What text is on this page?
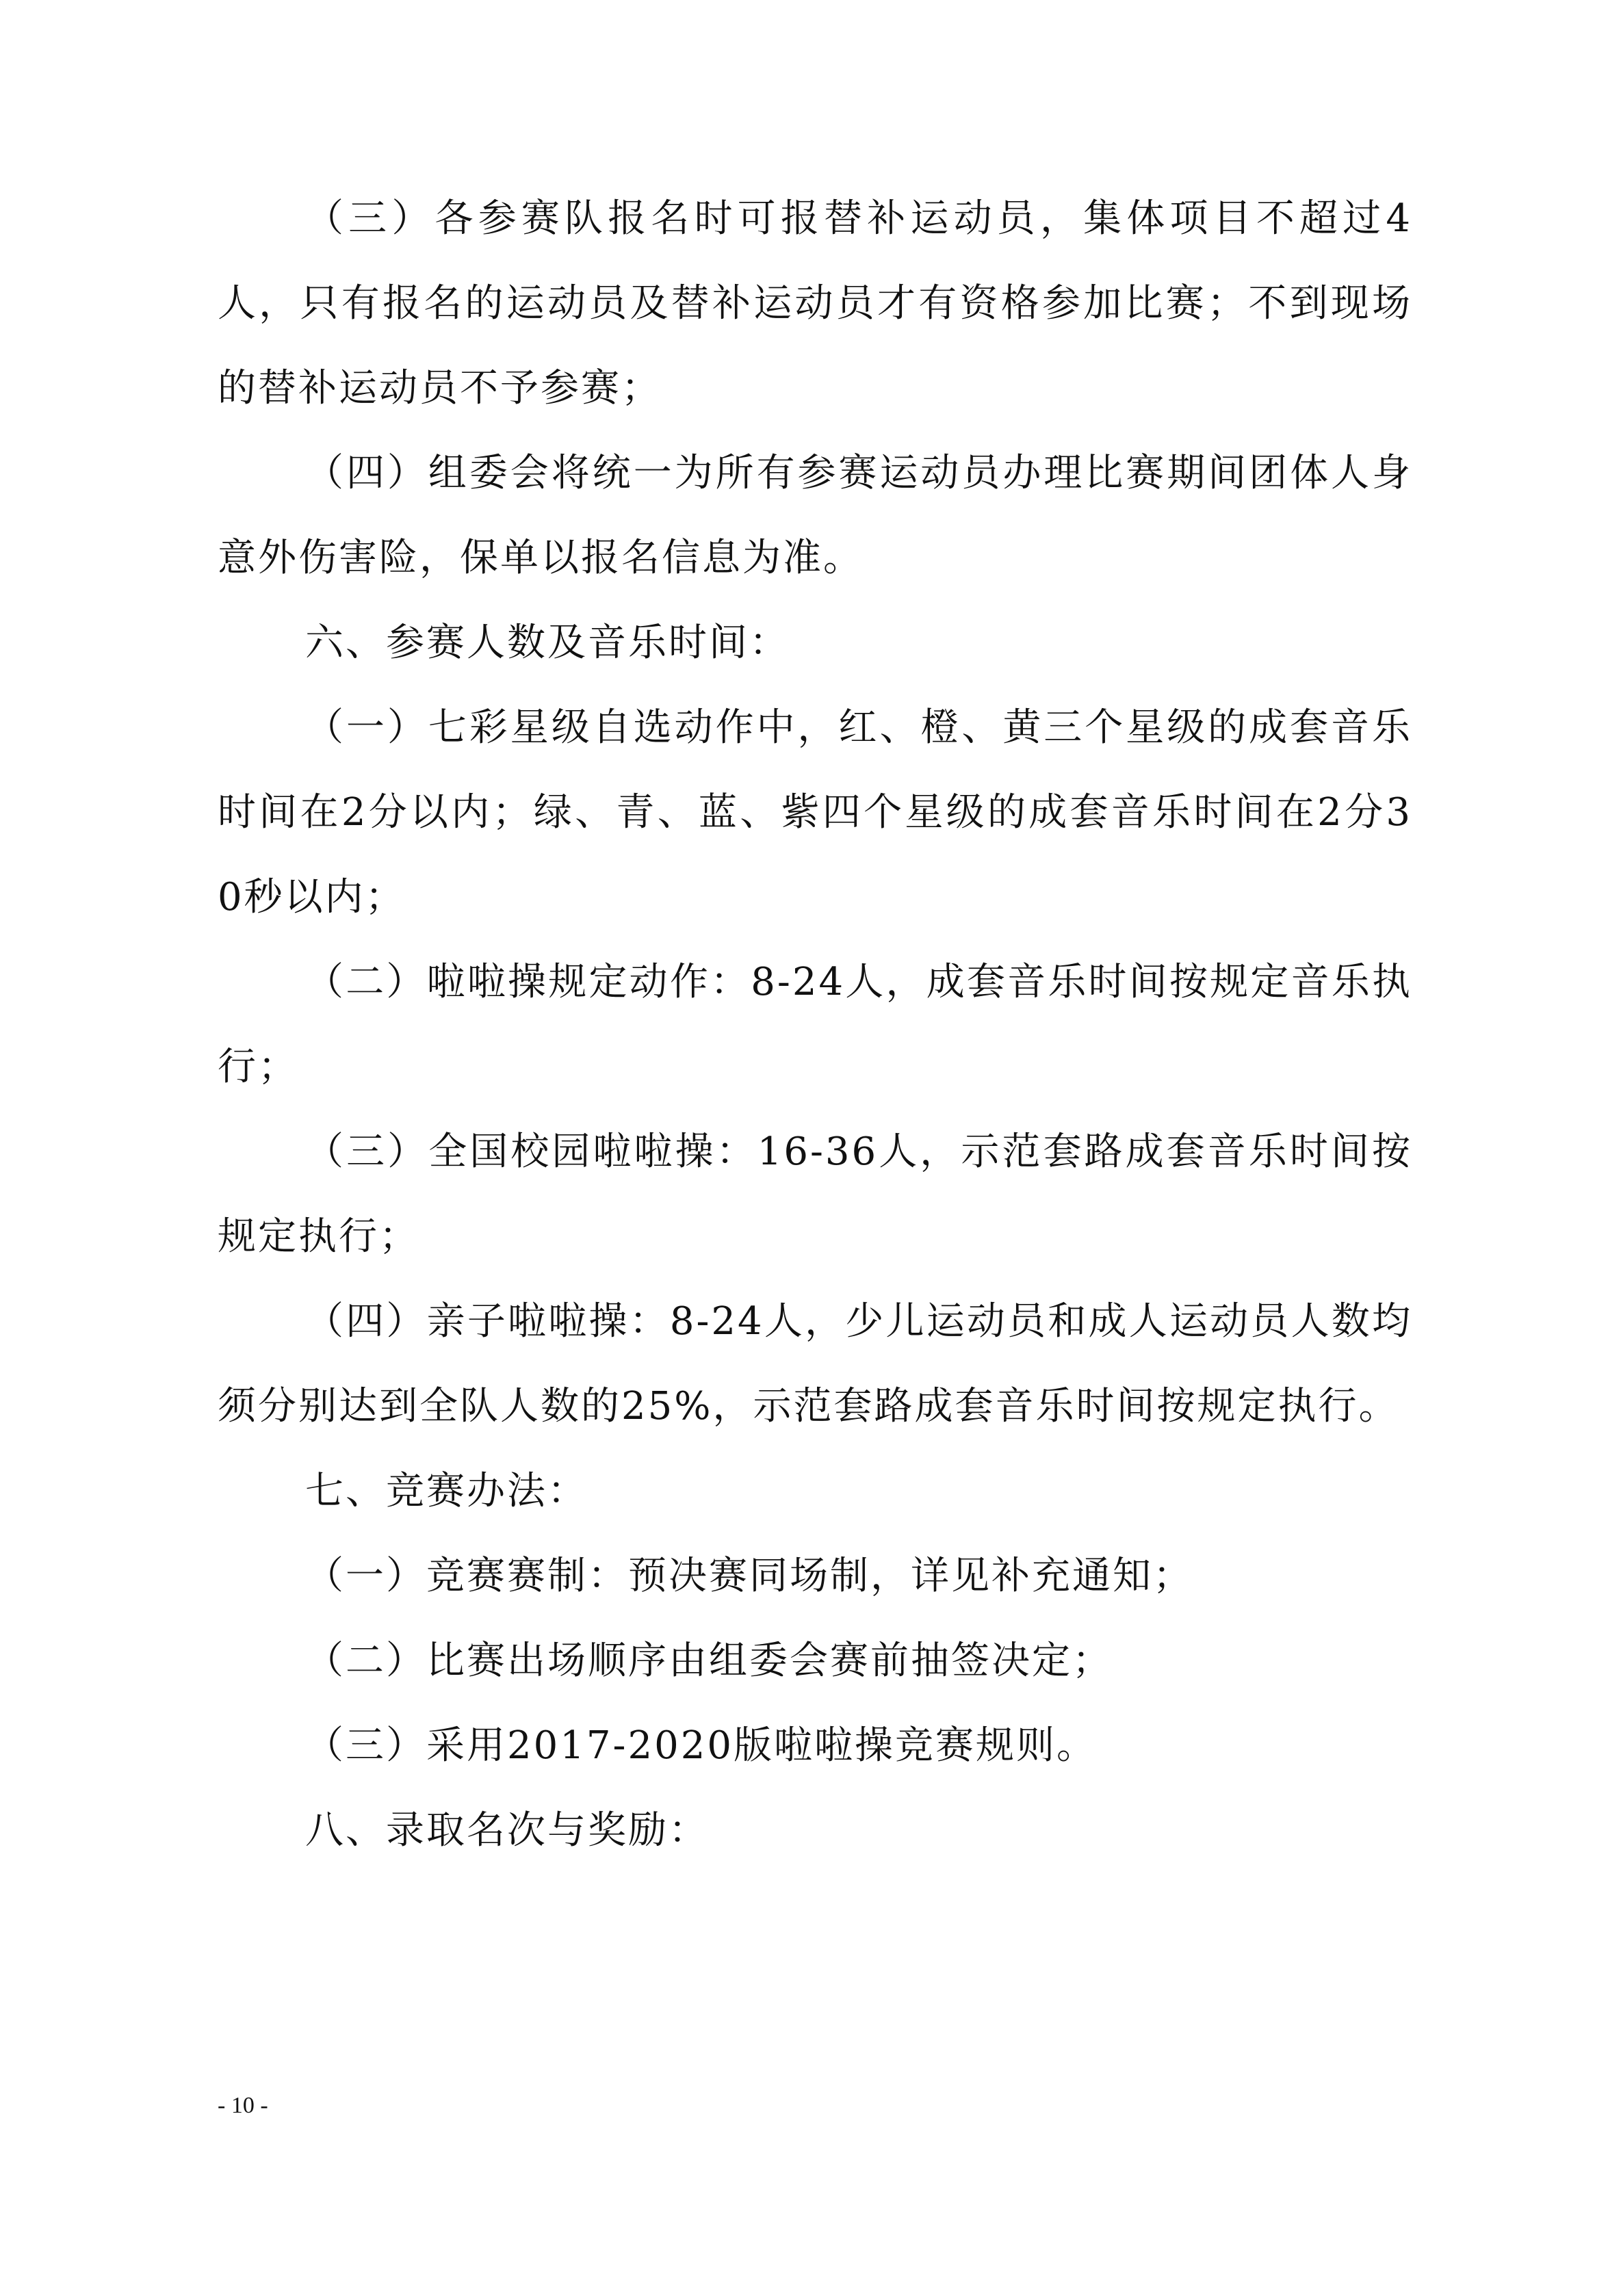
（三）各参赛队报名时可报替补运动员，集体项目不超过4人，只有报名的运动员及替补运动员才有资格参加比赛；不到现场的替补运动员不予参赛；

（四）组委会将统一为所有参赛运动员办理比赛期间团体人身意外伤害险，保单以报名信息为准。

六、参赛人数及音乐时间：

（一）七彩星级自选动作中，红、橙、黄三个星级的成套音乐时间在2分以内；绿、青、蓝、紫四个星级的成套音乐时间在2分30秒以内；

（二）啦啦操规定动作：8-24人，成套音乐时间按规定音乐执行；

（三）全国校园啦啦操：16-36人，示范套路成套音乐时间按规定执行；

（四）亲子啦啦操：8-24人，少儿运动员和成人运动员人数均须分别达到全队人数的25%，示范套路成套音乐时间按规定执行。

七、竞赛办法：

（一）竞赛赛制：预决赛同场制，详见补充通知；

（二）比赛出场顺序由组委会赛前抽签决定；

（三）采用2017-2020版啦啦操竞赛规则。

八、录取名次与奖励：

- 10 -
